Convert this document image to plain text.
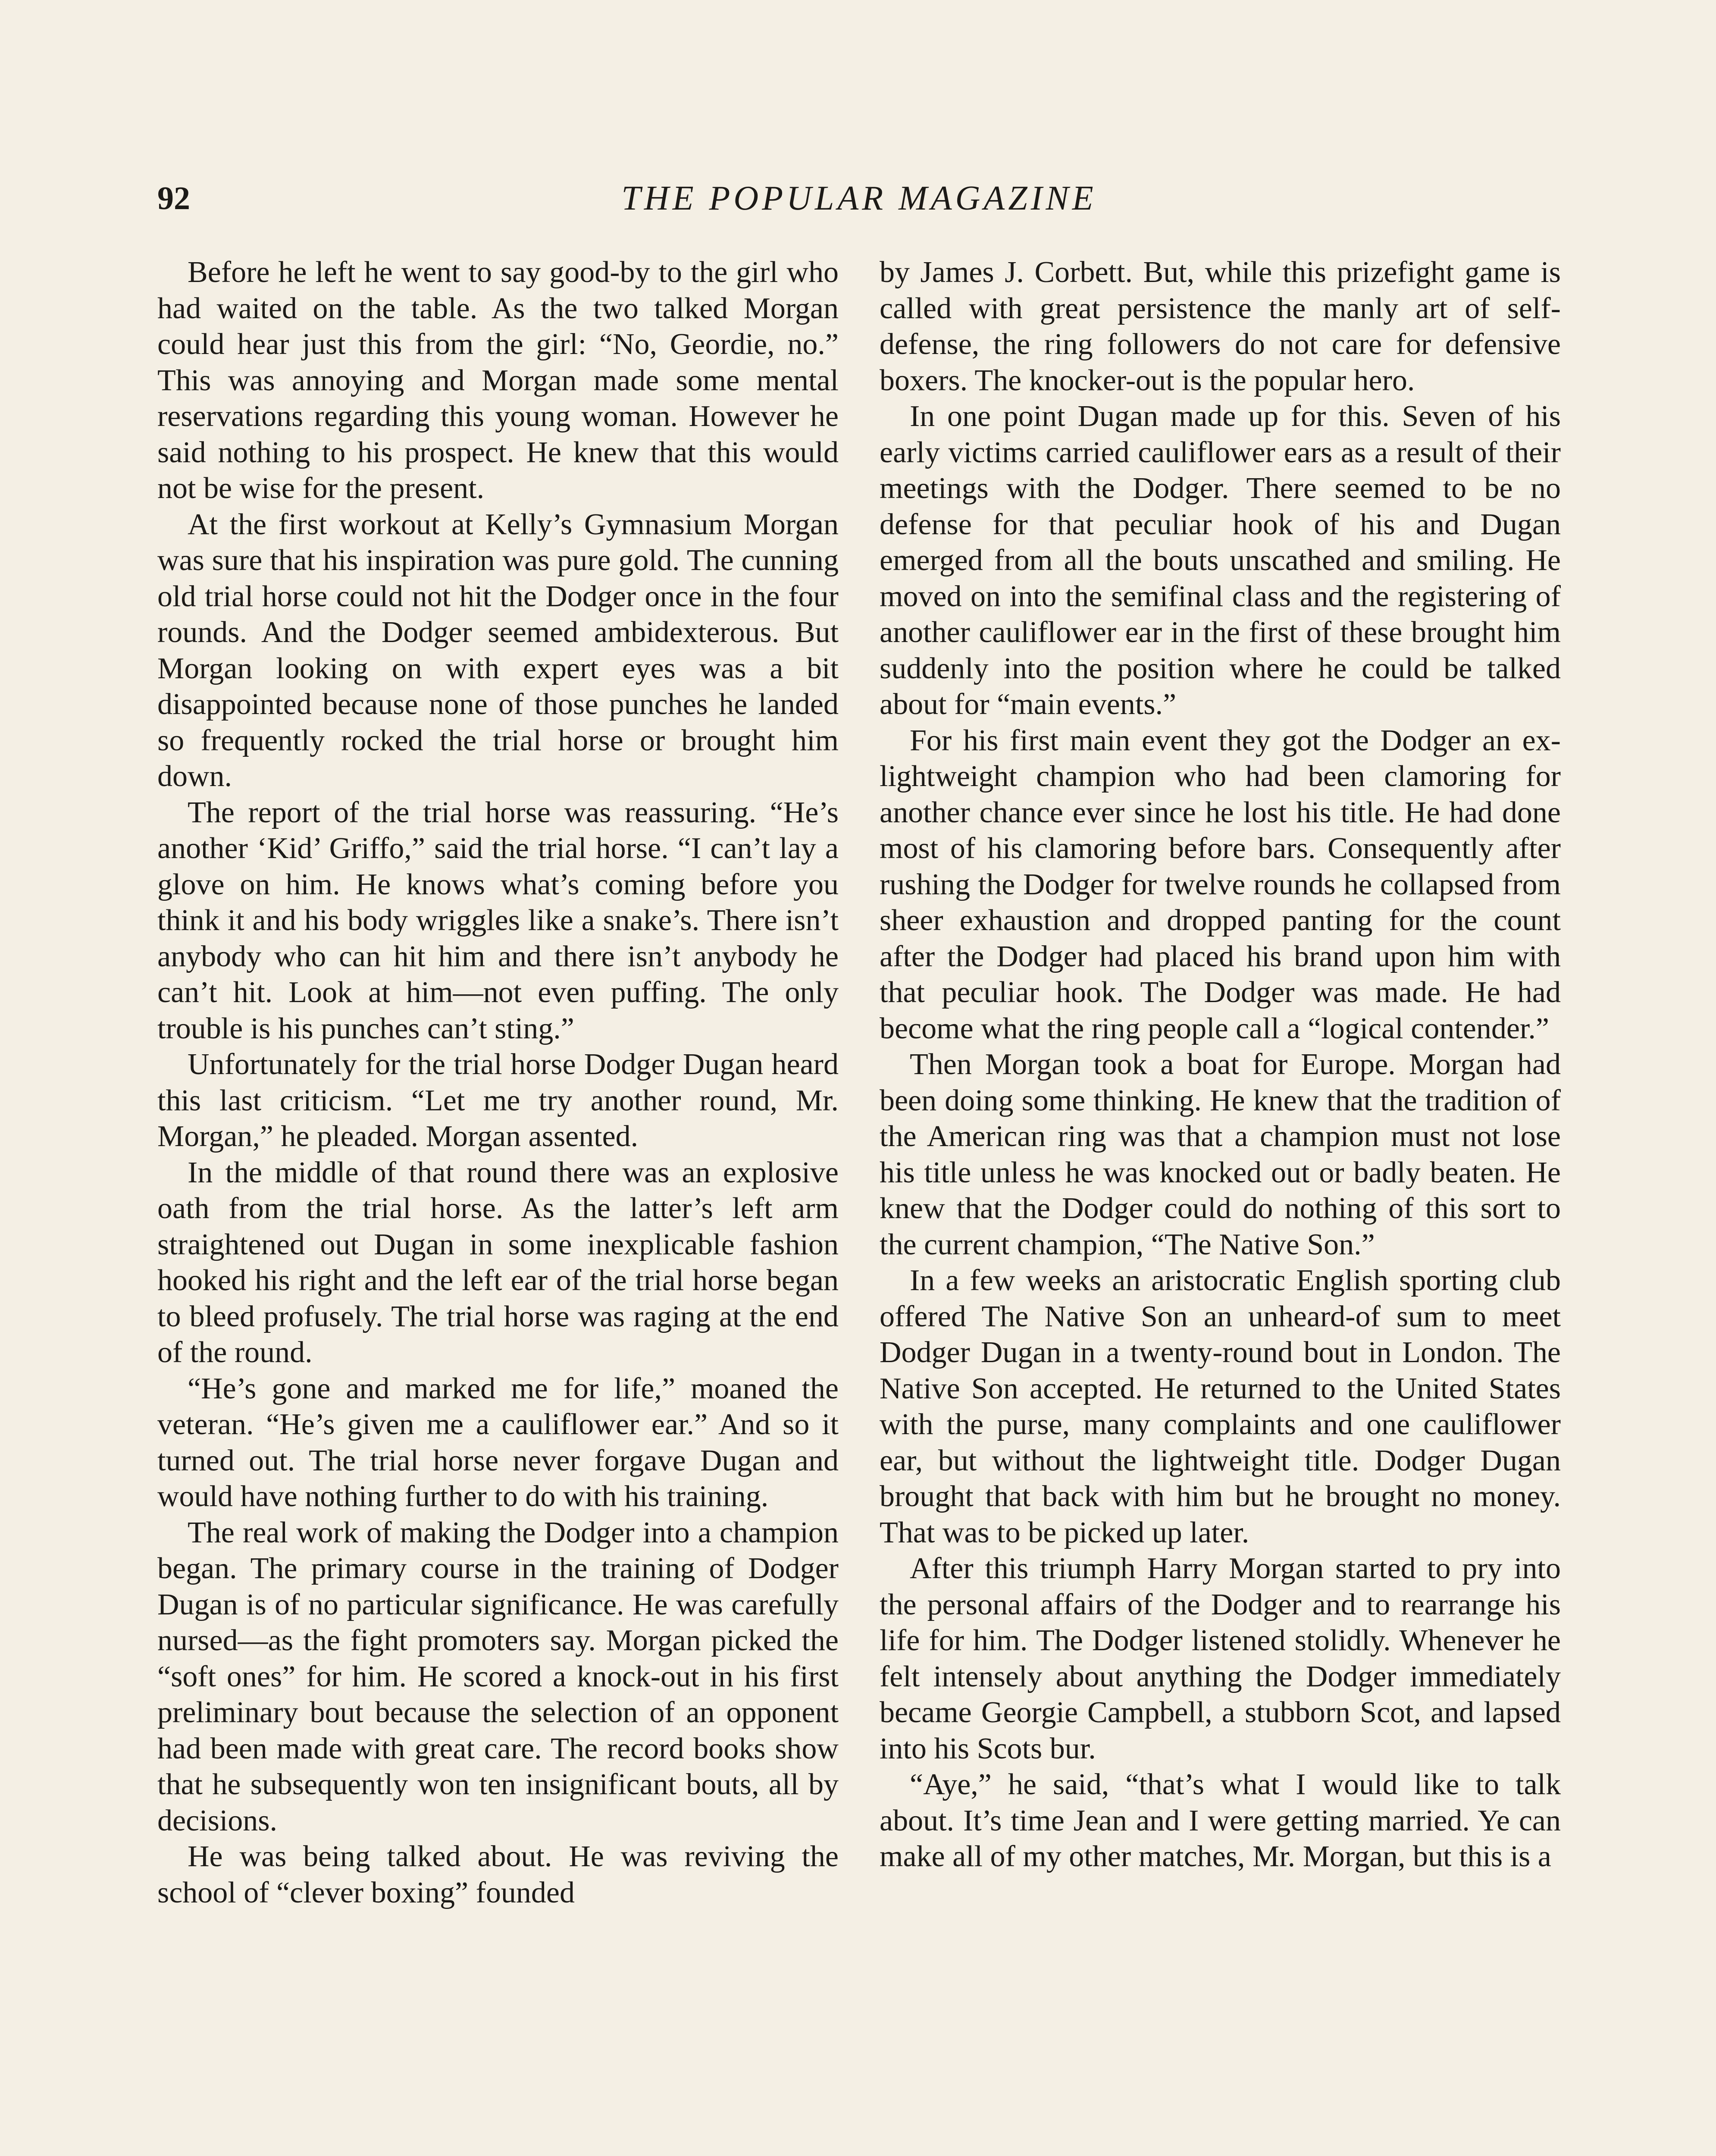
92	THE POPULAR MAGAZINE

Before he left he went to say good-by to the girl who had waited on the table. As the two talked Morgan could hear just this from the girl: “No, Geordie, no.” This was annoying and Morgan made some mental reservations regarding this young woman. However he said nothing to his prospect. He knew that this would not be wise for the present.

At the first workout at Kelly’s Gymnasium Morgan was sure that his inspiration was pure gold. The cunning old trial horse could not hit the Dodger once in the four rounds. And the Dodger seemed ambidexterous. But Morgan looking on with expert eyes was a bit disappointed because none of those punches he landed so frequently rocked the trial horse or brought him down.

The report of the trial horse was reassuring. “He’s another ‘Kid’ Griffo,” said the trial horse. “I can’t lay a glove on him. He knows what’s coming before you think it and his body wriggles like a snake’s. There isn’t anybody who can hit him and there isn’t anybody he can’t hit. Look at him—not even puffing. The only trouble is his punches can’t sting.”

Unfortunately for the trial horse Dodger Dugan heard this last criticism. “Let me try another round, Mr. Morgan,” he pleaded. Morgan assented.

In the middle of that round there was an explosive oath from the trial horse. As the latter’s left arm straightened out Dugan in some inexplicable fashion hooked his right and the left ear of the trial horse began to bleed profusely. The trial horse was raging at the end of the round.

“He’s gone and marked me for life,” moaned the veteran. “He’s given me a cauliflower ear.” And so it turned out. The trial horse never forgave Dugan and would have nothing further to do with his training.

The real work of making the Dodger into a champion began. The primary course in the training of Dodger Dugan is of no particular significance. He was carefully nursed—as the fight promoters say. Morgan picked the “soft ones” for him. He scored a knock-out in his first preliminary bout because the selection of an opponent had been made with great care. The record books show that he subsequently won ten insignificant bouts, all by decisions.

He was being talked about. He was reviving the school of “clever boxing” founded

by James J. Corbett. But, while this prizefight game is called with great persistence the manly art of self-defense, the ring followers do not care for defensive boxers. The knocker-out is the popular hero.

In one point Dugan made up for this. Seven of his early victims carried cauliflower ears as a result of their meetings with the Dodger. There seemed to be no defense for that peculiar hook of his and Dugan emerged from all the bouts unscathed and smiling. He moved on into the semifinal class and the registering of another cauliflower ear in the first of these brought him suddenly into the position where he could be talked about for “main events.”

For his first main event they got the Dodger an ex-lightweight champion who had been clamoring for another chance ever since he lost his title. He had done most of his clamoring before bars. Consequently after rushing the Dodger for twelve rounds he collapsed from sheer exhaustion and dropped panting for the count after the Dodger had placed his brand upon him with that peculiar hook. The Dodger was made. He had become what the ring people call a “logical contender.”

Then Morgan took a boat for Europe. Morgan had been doing some thinking. He knew that the tradition of the American ring was that a champion must not lose his title unless he was knocked out or badly beaten. He knew that the Dodger could do nothing of this sort to the current champion, “The Native Son.”

In a few weeks an aristocratic English sporting club offered The Native Son an unheard-of sum to meet Dodger Dugan in a twenty-round bout in London. The Native Son accepted. He returned to the United States with the purse, many complaints and one cauliflower ear, but without the lightweight title. Dodger Dugan brought that back with him but he brought no money. That was to be picked up later.

After this triumph Harry Morgan started to pry into the personal affairs of the Dodger and to rearrange his life for him. The Dodger listened stolidly. Whenever he felt intensely about anything the Dodger immediately became Georgie Campbell, a stubborn Scot, and lapsed into his Scots bur.

“Aye,” he said, “that’s what I would like to talk about. It’s time Jean and I were getting married. Ye can make all of my other matches, Mr. Morgan, but this is a
